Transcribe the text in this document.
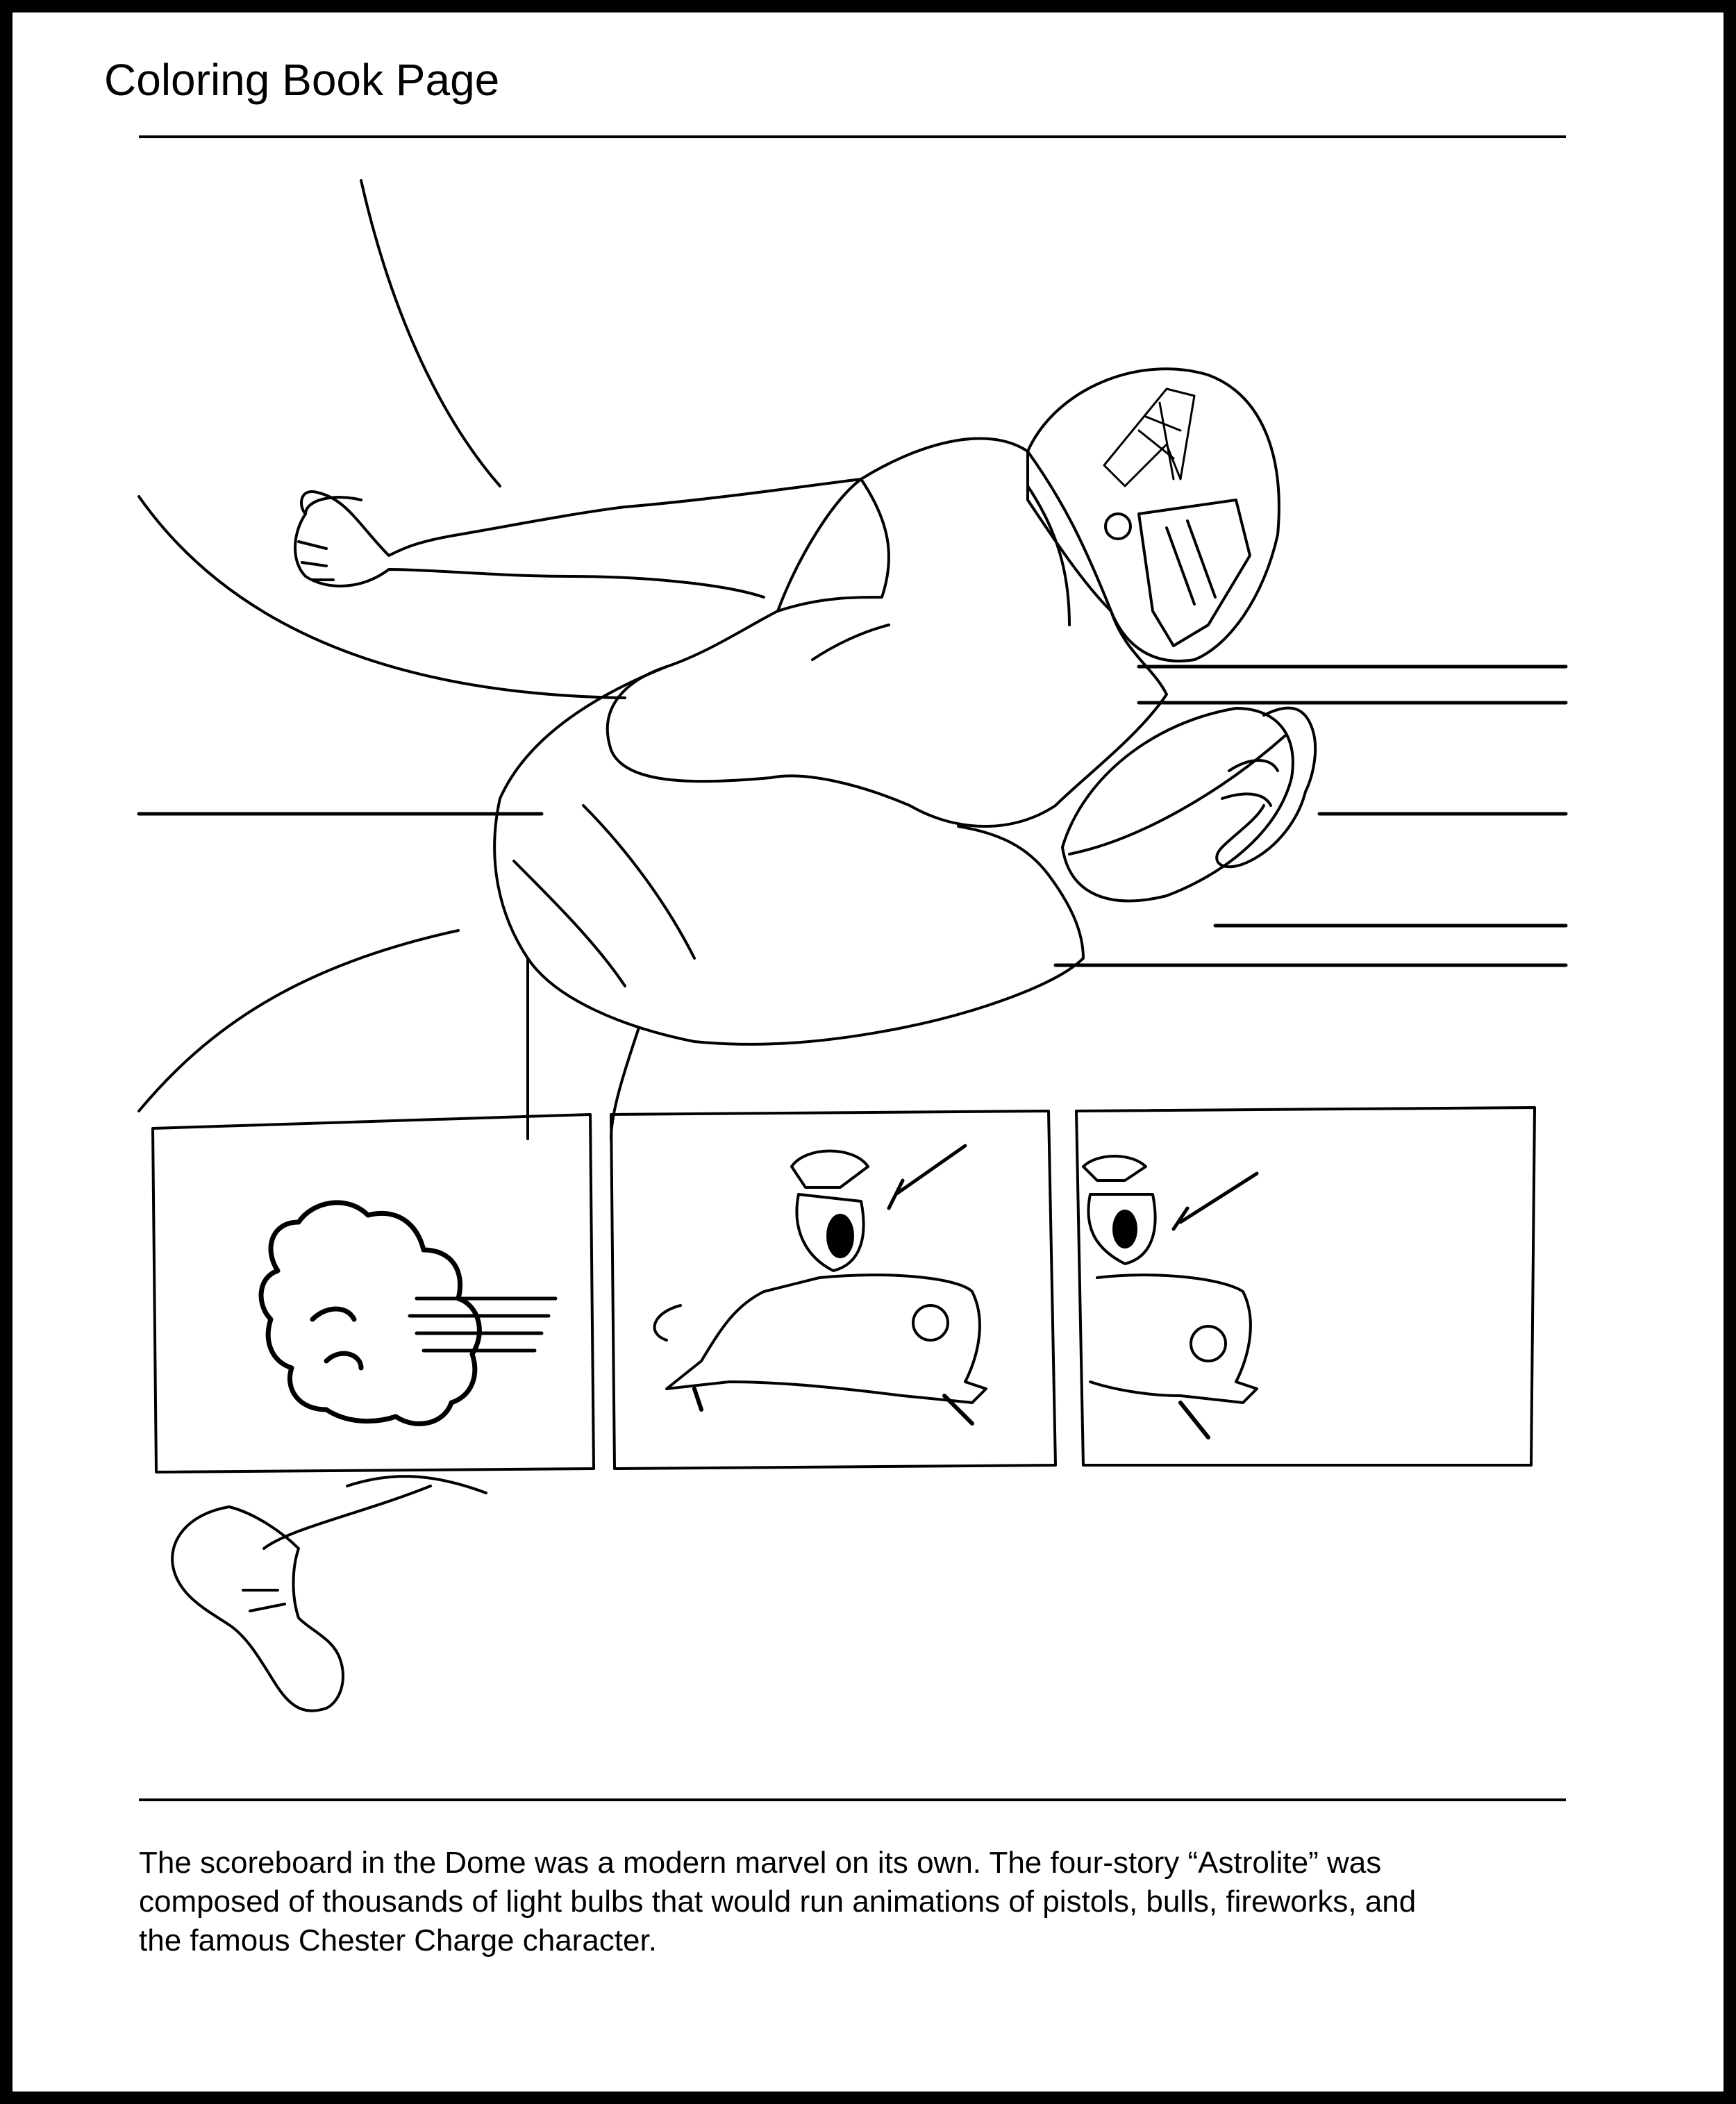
Coloring Book Page

The scoreboard in the Dome was a modern marvel on its own. The four-story “Astrolite” was
composed of thousands of light bulbs that would run animations of pistols, bulls, fireworks, and
the famous Chester Charge character.
